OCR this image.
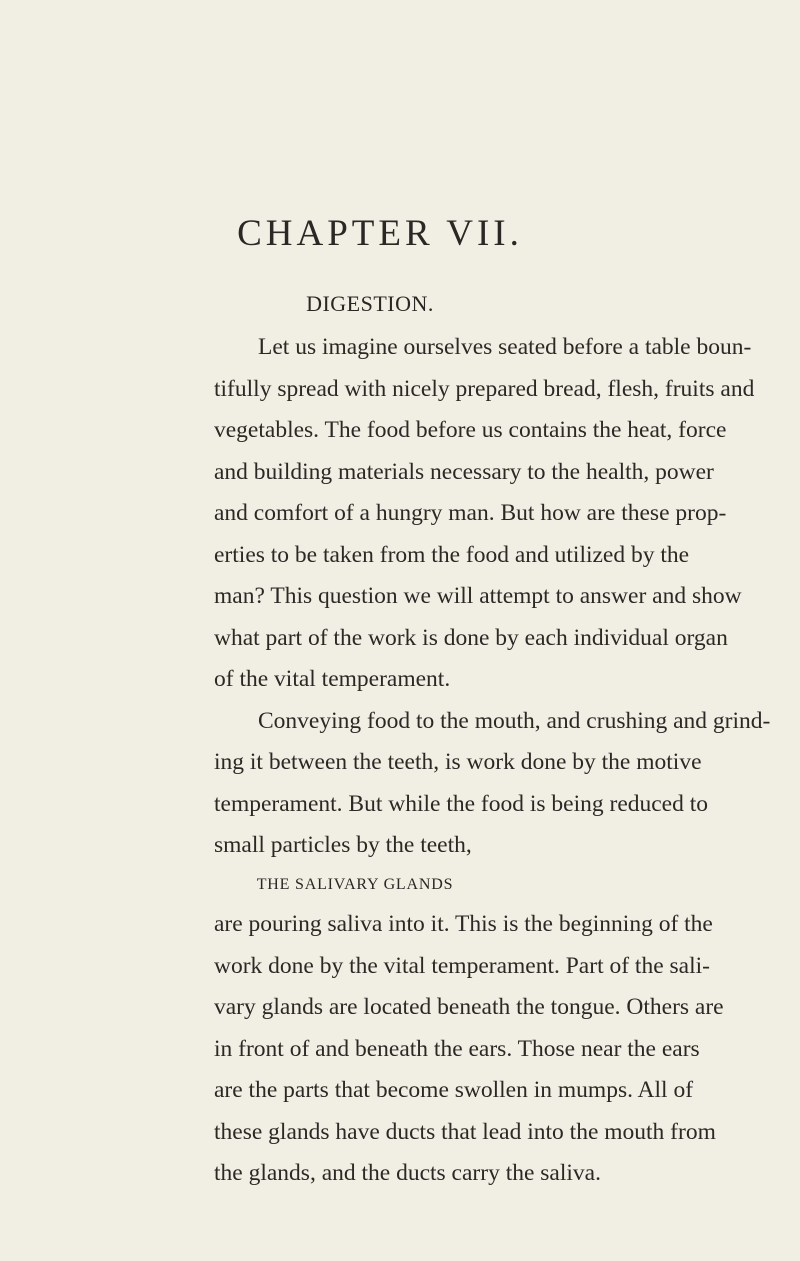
CHAPTER VII.
DIGESTION.
Let us imagine ourselves seated before a table boun-
tifully spread with nicely prepared bread, flesh, fruits and
vegetables. The food before us contains the heat, force
and building materials necessary to the health, power
and comfort of a hungry man. But how are these prop-
erties to be taken from the food and utilized by the
man? This question we will attempt to answer and show
what part of the work is done by each individual organ
of the vital temperament.
Conveying food to the mouth, and crushing and grind-
ing it between the teeth, is work done by the motive
temperament. But while the food is being reduced to
small particles by the teeth,
THE SALIVARY GLANDS
are pouring saliva into it. This is the beginning of the
work done by the vital temperament. Part of the sali-
vary glands are located beneath the tongue. Others are
in front of and beneath the ears. Those near the ears
are the parts that become swollen in mumps. All of
these glands have ducts that lead into the mouth from
the glands, and the ducts carry the saliva.
